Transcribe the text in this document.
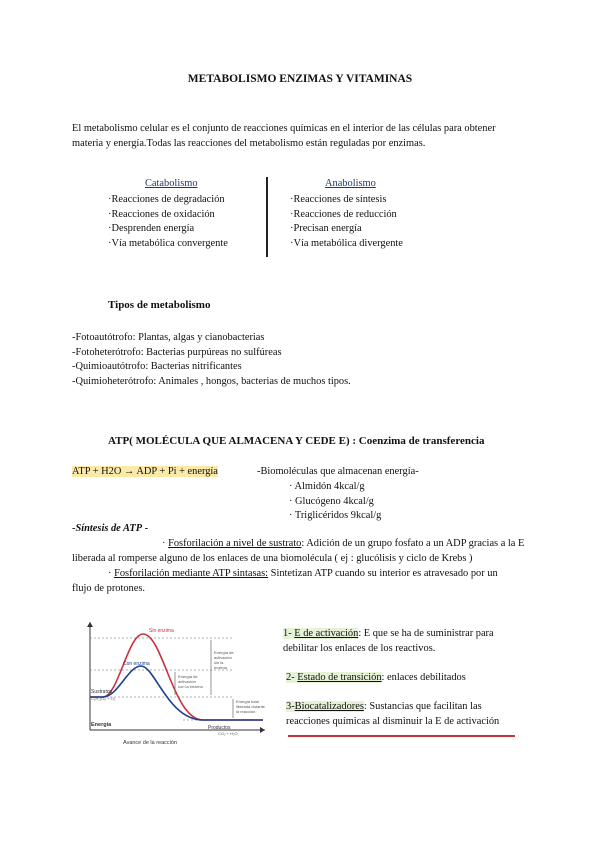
METABOLISMO ENZIMAS Y VITAMINAS
El metabolismo celular es el conjunto de reacciones químicas en el interior de las células para obtener
materia y energía.Todas las reacciones del metabolismo están reguladas por enzimas.
Catabolismo
·Reacciones de degradación
·Reacciones de oxidación
·Desprenden energía
·Vía metabólica convergente
Anabolismo
·Reacciones de síntesis
·Reacciones de reducción
·Precisan energía
·Vía metabólica divergente
Tipos de metabolismo
-Fotoautótrofo: Plantas, algas y cianobacterias
-Fotoheterótrofo: Bacterias purpúreas no sulfúreas
-Quimioautótrofo: Bacterias nitrificantes
-Quimioheterótrofo: Animales , hongos, bacterias de muchos tipos.
ATP( MOLÉCULA QUE ALMACENA Y CEDE E) : Coenzima de transferencia
ATP + H2O → ADP + Pi + energía	-Biomoléculas que almacenan energía-
· Almidón 4kcal/g
· Glucógeno 4kcal/g
· Triglicéridos 9kcal/g
-Síntesis de ATP -
· Fosforilación a nivel de sustrato: Adición de un grupo fosfato a un ADP gracias a la E
liberada al romperse alguno de los enlaces de una biomolécula ( ej : glucólisis y ciclo de Krebs )
· Fosforilación mediante ATP sintasas: Sintetizan ATP cuando su interior es atravesado por un
flujo de protones.
Sin enzima
Con enzima
Sustratos
C₆H₁₂O₆ + O₂
Energía
Energía de
activación
sin la
enzima
Energía de
activación
con la enzima
Energía total
liberada durante
la reacción
Productos
CO₂ + H₂O
Avance de la reacción
1- E de activación: E que se ha de suministrar para
debilitar los enlaces de los reactivos.
2- Estado de transición: enlaces debilitados
3-Biocatalizadores: Sustancias que facilitan las
reacciones químicas al disminuir la E de activación
